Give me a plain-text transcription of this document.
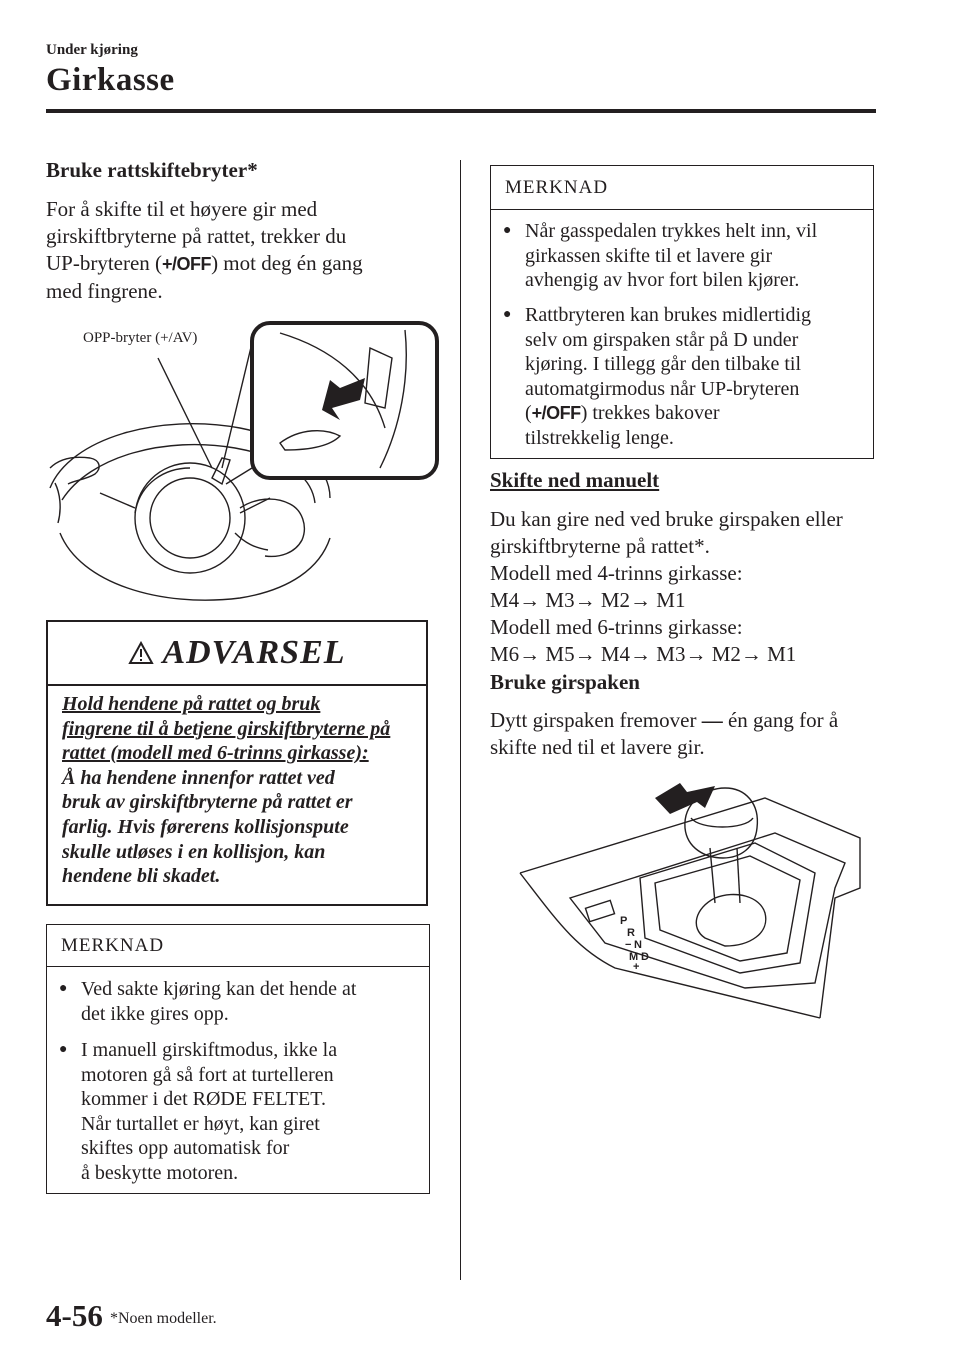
Under kjøring
Girkasse
Bruke rattskiftebryter*
For å skifte til et høyere gir med
girskiftbryterne på rattet, trekker du
UP-bryteren (+/OFF) mot deg én gang
med fingrene.
OPP-bryter (+/AV)
ADVARSEL
Hold hendene på rattet og bruk
fingrene til å betjene girskiftbryterne på
rattet (modell med 6-trinns girkasse):
Å ha hendene innenfor rattet ved
bruk av girskiftbryterne på rattet er
farlig. Hvis førerens kollisjonspute
skulle utløses i en kollisjon, kan
hendene bli skadet.
MERKNAD
● Ved sakte kjøring kan det hende at
det ikke gires opp.
● I manuell girskiftmodus, ikke la
motoren gå så fort at turtelleren
kommer i det RØDE FELTET.
Når turtallet er høyt, kan giret
skiftes opp automatisk for
å beskytte motoren.
MERKNAD
● Når gasspedalen trykkes helt inn, vil
girkassen skifte til et lavere gir
avhengig av hvor fort bilen kjører.
● Rattbryteren kan brukes midlertidig
selv om girspaken står på D under
kjøring. I tillegg går den tilbake til
automatgirmodus når UP-bryteren
(+/OFF) trekkes bakover
tilstrekkelig lenge.
Skifte ned manuelt
Du kan gire ned ved bruke girspaken eller
girskiftbryterne på rattet*.
Modell med 4-trinns girkasse:
M4→ M3→ M2→ M1
Modell med 6-trinns girkasse:
M6→ M5→ M4→ M3→ M2→ M1
Bruke girspaken
Dytt girspaken fremover — én gang for å
skifte ned til et lavere gir.
P
R
N
D
M
+
−
4-56 *Noen modeller.
